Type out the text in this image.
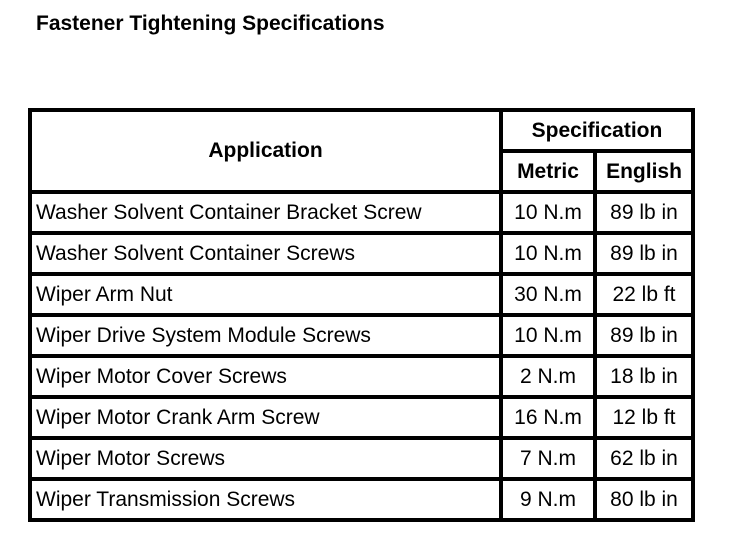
Fastener Tightening Specifications
Application	Specification	
	Metric	English
Washer Solvent Container Bracket Screw	10 N.m	89 lb in
Washer Solvent Container Screws	10 N.m	89 lb in
Wiper Arm Nut	30 N.m	22 lb ft
Wiper Drive System Module Screws	10 N.m	89 lb in
Wiper Motor Cover Screws	2 N.m	18 lb in
Wiper Motor Crank Arm Screw	16 N.m	12 lb ft
Wiper Motor Screws	7 N.m	62 lb in
Wiper Transmission Screws	9 N.m	80 lb in
